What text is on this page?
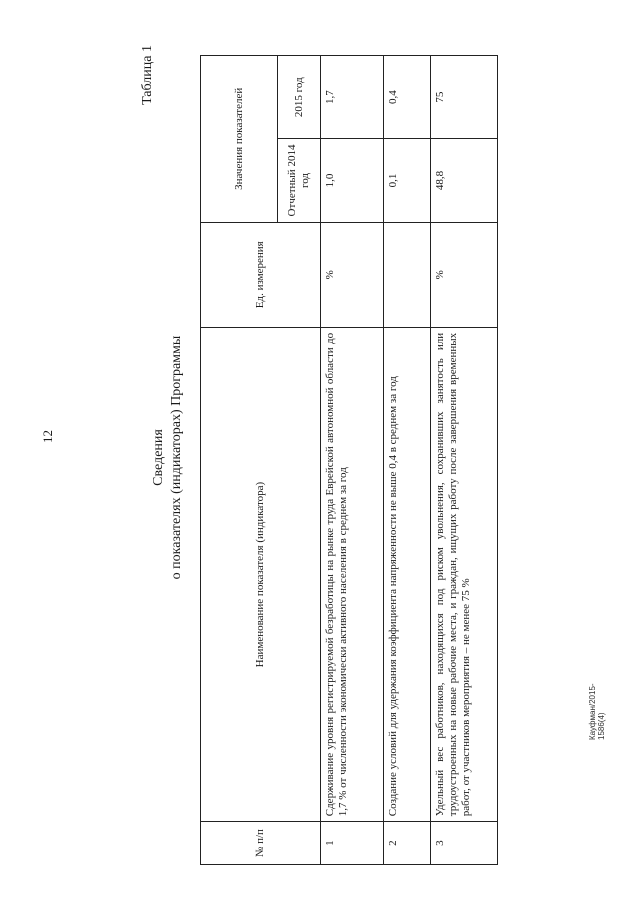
12
Кауфман/2015-1586(4)
Таблица 1
Сведения о показателях (индикаторах) Программы
№ п/п	Наименование показателя (индикатора)	Ед. измерения	Значения показателей	
			Отчетный 2014 год	2015 год
1	Сдерживание уровня регистрируемой безработицы на рынке труда Еврейской автономной области до 1,7 % от численности экономически активного населения в среднем за год	%	1,0	1,7
2	Создание условий для удержания коэффициента напряженности не выше 0,4 в среднем за год		0,1	0,4
3	Удельный вес работников, находящихся под риском увольнения, сохранивших занятость или трудоустроенных на новые рабочие места, и граждан, ищущих работу после завершения временных работ, от участников мероприятия – не менее 75 %	%	48,8	75
